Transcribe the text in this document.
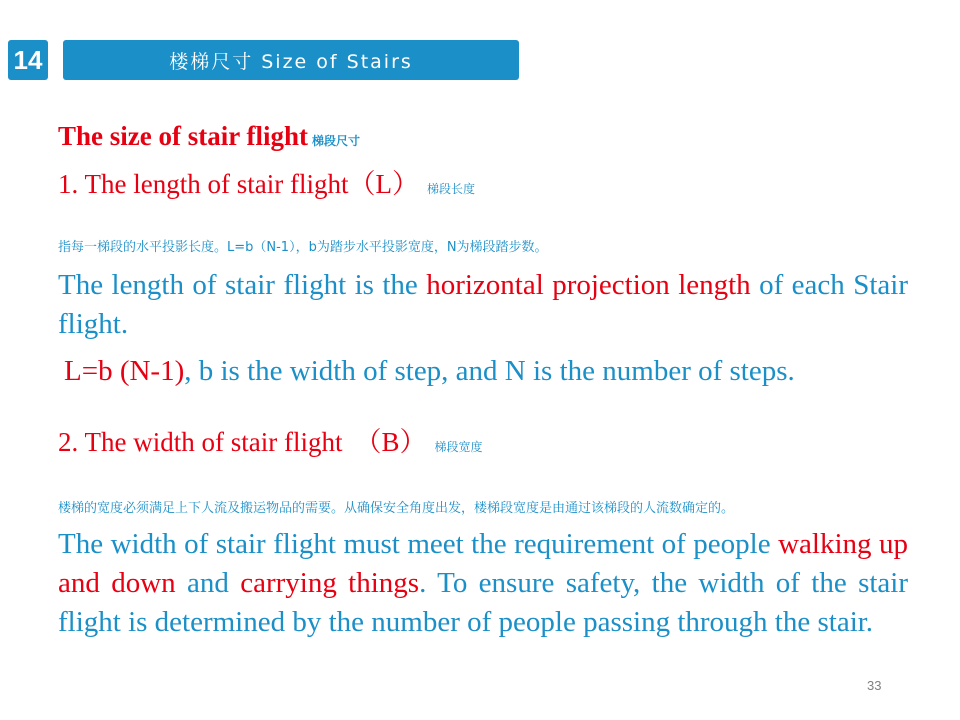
14	楼梯尺寸 Size of Stairs
The size of stair flight 梯段尺寸
1. The length of stair flight（L） 梯段长度
指每一梯段的水平投影长度。L=b（N-1），b为踏步水平投影宽度，N为梯段踏步数。
The length of stair flight is the horizontal projection length of each Stair flight.
L=b (N-1), b is the width of step, and N is the number of steps.
2. The width of stair flight （B） 梯段宽度
楼梯的宽度必须满足上下人流及搬运物品的需要。从确保安全角度出发，楼梯段宽度是由通过该梯段的人流数确定的。
The width of stair flight must meet the requirement of people walking up and down and carrying things. To ensure safety, the width of the stair flight is determined by the number of people passing through the stair.
33
